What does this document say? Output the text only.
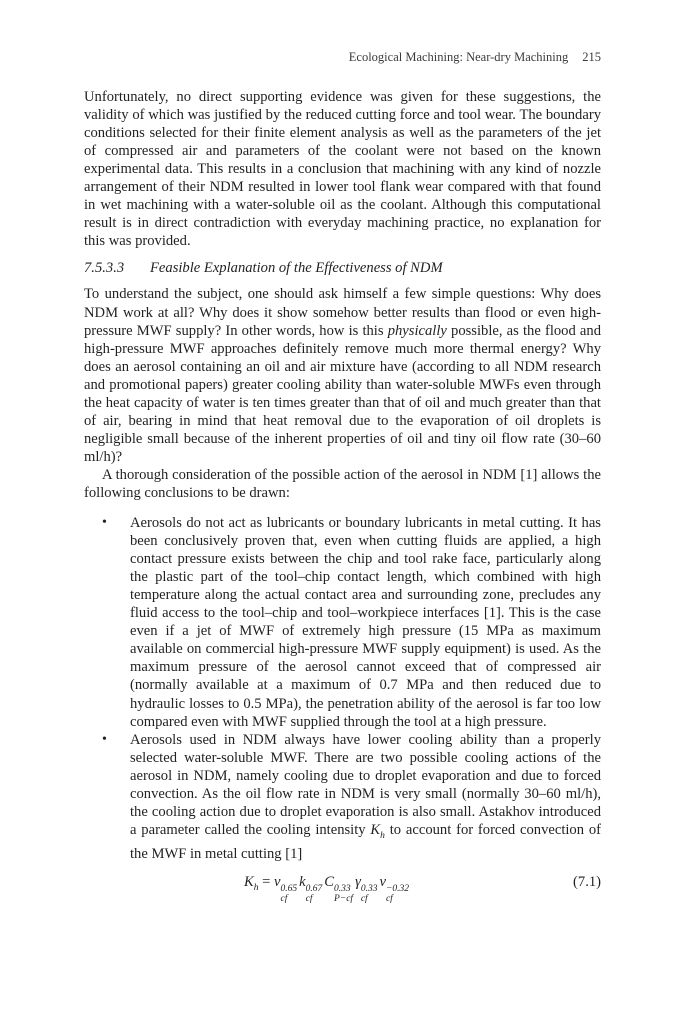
Ecological Machining: Near-dry Machining 215

Unfortunately, no direct supporting evidence was given for these suggestions, the validity of which was justified by the reduced cutting force and tool wear. The boundary conditions selected for their finite element analysis as well as the parameters of the jet of compressed air and parameters of the coolant were not based on the known experimental data. This results in a conclusion that machining with any kind of nozzle arrangement of their NDM resulted in lower tool flank wear compared with that found in wet machining with a water-soluble oil as the coolant. Although this computational result is in direct contradiction with everyday machining practice, no explanation for this was provided.

7.5.3.3 Feasible Explanation of the Effectiveness of NDM

To understand the subject, one should ask himself a few simple questions: Why does NDM work at all? Why does it show somehow better results than flood or even high-pressure MWF supply? In other words, how is this physically possible, as the flood and high-pressure MWF approaches definitely remove much more thermal energy? Why does an aerosol containing an oil and air mixture have (according to all NDM research and promotional papers) greater cooling ability than water-soluble MWFs even through the heat capacity of water is ten times greater than that of oil and much greater than that of air, bearing in mind that heat removal due to the evaporation of oil droplets is negligible small because of the inherent properties of oil and tiny oil flow rate (30–60 ml/h)?

A thorough consideration of the possible action of the aerosol in NDM [1] allows the following conclusions to be drawn:

• Aerosols do not act as lubricants or boundary lubricants in metal cutting. It has been conclusively proven that, even when cutting fluids are applied, a high contact pressure exists between the chip and tool rake face, particularly along the plastic part of the tool–chip contact length, which combined with high temperature along the actual contact area and surrounding zone, precludes any fluid access to the tool–chip and tool–workpiece interfaces [1]. This is the case even if a jet of MWF of extremely high pressure (15 MPa as maximum available on commercial high-pressure MWF supply equipment) is used. As the maximum pressure of the aerosol cannot exceed that of compressed air (normally available at a maximum of 0.7 MPa and then reduced due to hydraulic losses to 0.5 MPa), the penetration ability of the aerosol is far too low compared even with MWF supplied through the tool at a high pressure.
• Aerosols used in NDM always have lower cooling ability than a properly selected water-soluble MWF. There are two possible cooling actions of the aerosol in NDM, namely cooling due to droplet evaporation and due to forced convection. As the oil flow rate in NDM is very small (normally 30–60 ml/h), the cooling action due to droplet evaporation is also small. Astakhov introduced a parameter called the cooling intensity $K_h$ to account for forced convection of the MWF in metal cutting [1]
$K_h = v$ 0.65
cf
k 0.67
cf
C 0.33
P−cf
γ 0.33
cf
ν −0.32
cf
(7.1)
